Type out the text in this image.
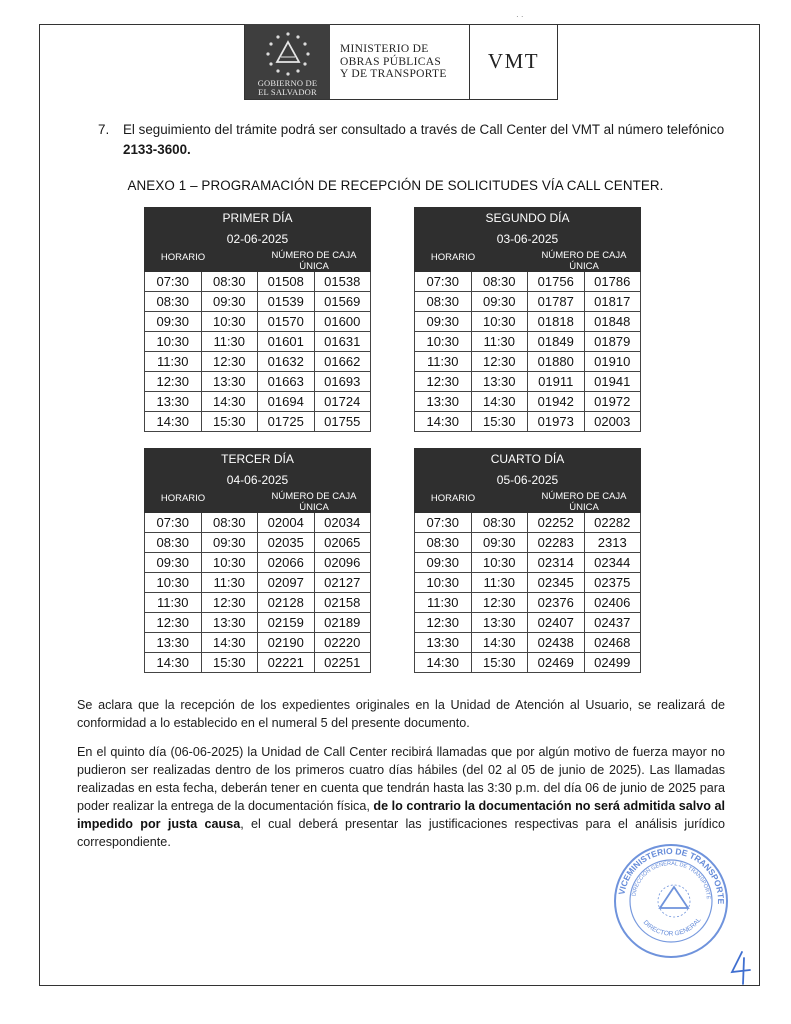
· ·
GOBIERNO DE
EL SALVADOR
MINISTERIO DE
OBRAS PÚBLICAS
Y DE TRANSPORTE
VMT
7. El seguimiento del trámite podrá ser consultado a través de Call Center del VMT al número telefónico
2133-3600.
ANEXO 1 – PROGRAMACIÓN DE RECEPCIÓN DE SOLICITUDES VÍA CALL CENTER.
PRIMER DÍA			
02-06-2025			
HORARIO		NÚMERO DE CAJA ÚNICA	
07:30	08:30	01508	01538
08:30	09:30	01539	01569
09:30	10:30	01570	01600
10:30	11:30	01601	01631
11:30	12:30	01632	01662
12:30	13:30	01663	01693
13:30	14:30	01694	01724
14:30	15:30	01725	01755
SEGUNDO DÍA			
03-06-2025			
HORARIO		NÚMERO DE CAJA ÚNICA	
07:30	08:30	01756	01786
08:30	09:30	01787	01817
09:30	10:30	01818	01848
10:30	11:30	01849	01879
11:30	12:30	01880	01910
12:30	13:30	01911	01941
13:30	14:30	01942	01972
14:30	15:30	01973	02003
TERCER DÍA			
04-06-2025			
HORARIO		NÚMERO DE CAJA ÚNICA	
07:30	08:30	02004	02034
08:30	09:30	02035	02065
09:30	10:30	02066	02096
10:30	11:30	02097	02127
11:30	12:30	02128	02158
12:30	13:30	02159	02189
13:30	14:30	02190	02220
14:30	15:30	02221	02251
CUARTO DÍA			
05-06-2025			
HORARIO		NÚMERO DE CAJA ÚNICA	
07:30	08:30	02252	02282
08:30	09:30	02283	2313
09:30	10:30	02314	02344
10:30	11:30	02345	02375
11:30	12:30	02376	02406
12:30	13:30	02407	02437
13:30	14:30	02438	02468
14:30	15:30	02469	02499
Se aclara que la recepción de los expedientes originales en la Unidad de Atención al Usuario, se realizará de conformidad a lo establecido en el numeral 5 del presente documento.
En el quinto día (06-06-2025) la Unidad de Call Center recibirá llamadas que por algún motivo de fuerza mayor no pudieron ser realizadas dentro de los primeros cuatro días hábiles (del 02 al 05 de junio de 2025). Las llamadas realizadas en esta fecha, deberán tener en cuenta que tendrán hasta las 3:30 p.m. del día 06 de junio de 2025 para poder realizar la entrega de la documentación física, de lo contrario la documentación no será admitida salvo al impedido por justa causa, el cual deberá presentar las justificaciones respectivas para el análisis jurídico correspondiente.
VICEMINISTERIO DE TRANSPORTE
DIRECCIÓN GENERAL DE TRANSPORTE
DIRECTOR GENERAL
